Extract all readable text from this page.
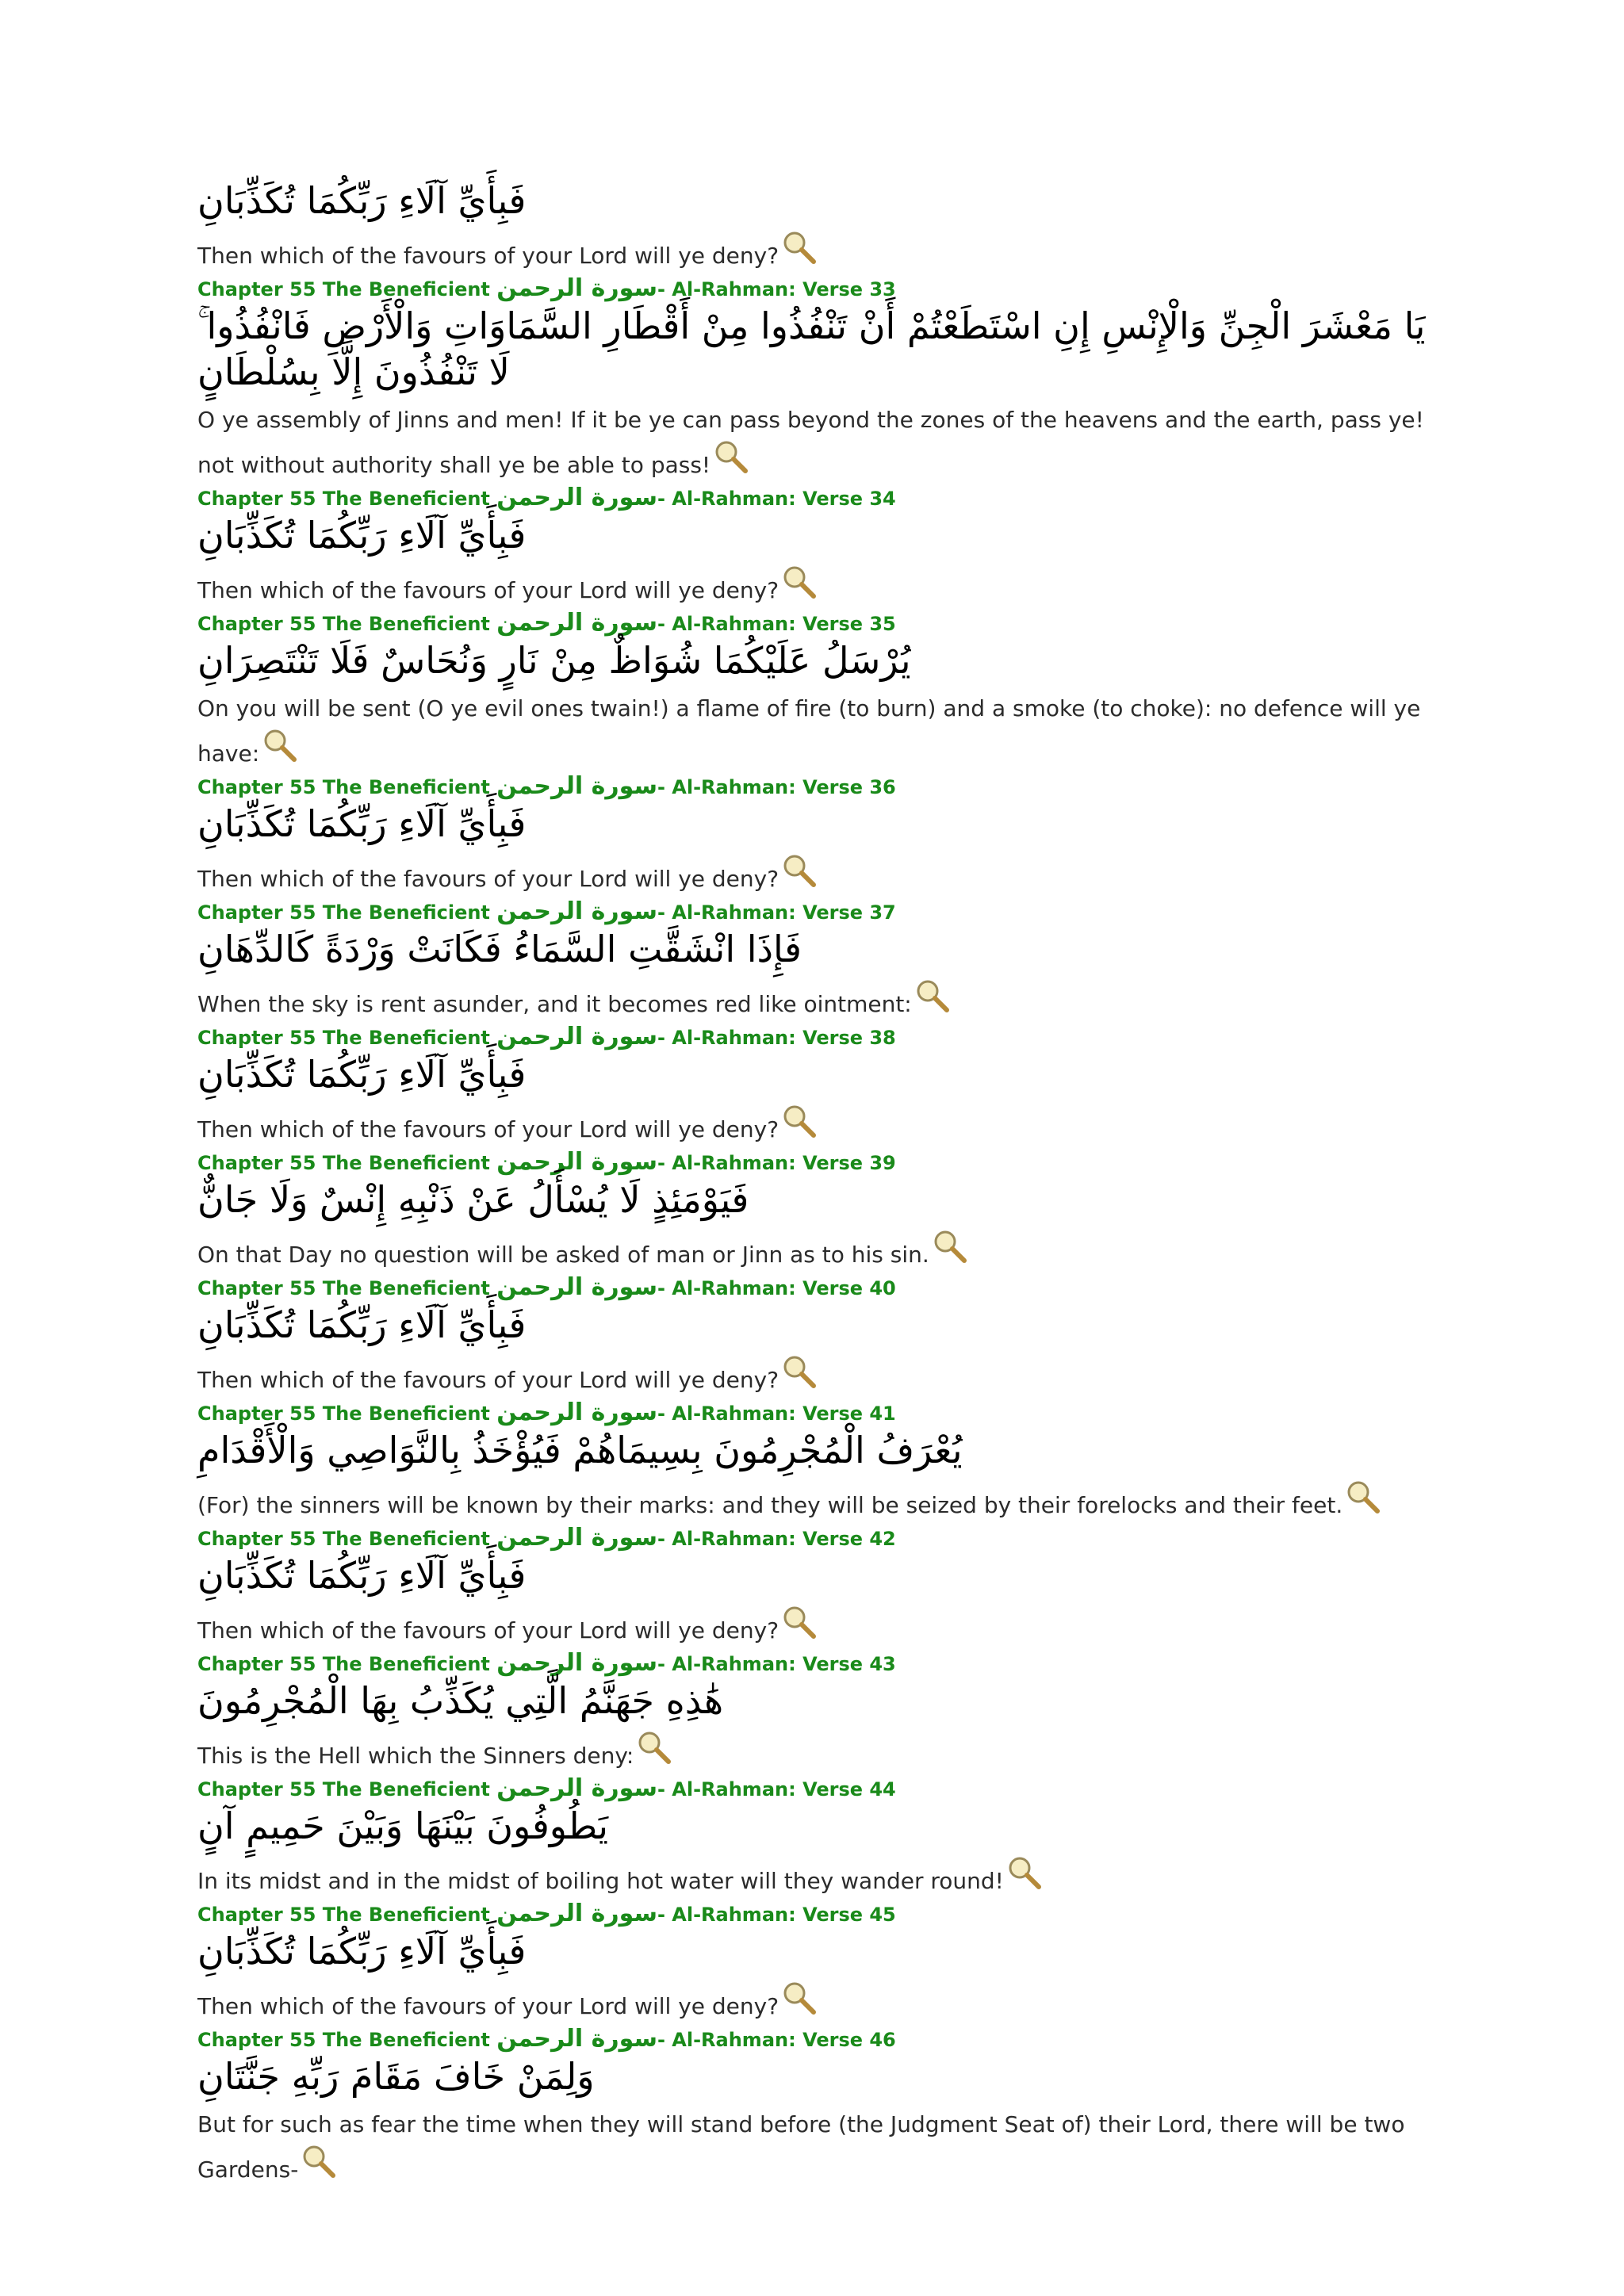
فَبِأَيِّ آلَاءِ رَبِّكُمَا تُكَذِّبَانِ

Then which of the favours of your Lord will ye deny?

Chapter 55 The Beneficient سورة الرحمن- Al-Rahman: Verse 33

يَا مَعْشَرَ الْجِنِّ وَالْإِنْسِ إِنِ اسْتَطَعْتُمْ أَنْ تَنْفُذُوا مِنْ أَقْطَارِ السَّمَاوَاتِ وَالْأَرْضِ فَانْفُذُوا ۚ لَا تَنْفُذُونَ إِلَّا بِسُلْطَانٍ

O ye assembly of Jinns and men! If it be ye can pass beyond the zones of the heavens and the earth, pass ye! not without authority shall ye be able to pass!

Chapter 55 The Beneficient سورة الرحمن- Al-Rahman: Verse 34

فَبِأَيِّ آلَاءِ رَبِّكُمَا تُكَذِّبَانِ

Then which of the favours of your Lord will ye deny?

Chapter 55 The Beneficient سورة الرحمن- Al-Rahman: Verse 35

يُرْسَلُ عَلَيْكُمَا شُوَاظٌ مِنْ نَارٍ وَنُحَاسٌ فَلَا تَنْتَصِرَانِ

On you will be sent (O ye evil ones twain!) a flame of fire (to burn) and a smoke (to choke): no defence will ye have:

Chapter 55 The Beneficient سورة الرحمن- Al-Rahman: Verse 36

فَبِأَيِّ آلَاءِ رَبِّكُمَا تُكَذِّبَانِ

Then which of the favours of your Lord will ye deny?

Chapter 55 The Beneficient سورة الرحمن- Al-Rahman: Verse 37

فَإِذَا انْشَقَّتِ السَّمَاءُ فَكَانَتْ وَرْدَةً كَالدِّهَانِ

When the sky is rent asunder, and it becomes red like ointment:

Chapter 55 The Beneficient سورة الرحمن- Al-Rahman: Verse 38

فَبِأَيِّ آلَاءِ رَبِّكُمَا تُكَذِّبَانِ

Then which of the favours of your Lord will ye deny?

Chapter 55 The Beneficient سورة الرحمن- Al-Rahman: Verse 39

فَيَوْمَئِذٍ لَا يُسْأَلُ عَنْ ذَنْبِهِ إِنْسٌ وَلَا جَانٌّ

On that Day no question will be asked of man or Jinn as to his sin.

Chapter 55 The Beneficient سورة الرحمن- Al-Rahman: Verse 40

فَبِأَيِّ آلَاءِ رَبِّكُمَا تُكَذِّبَانِ

Then which of the favours of your Lord will ye deny?

Chapter 55 The Beneficient سورة الرحمن- Al-Rahman: Verse 41

يُعْرَفُ الْمُجْرِمُونَ بِسِيمَاهُمْ فَيُؤْخَذُ بِالنَّوَاصِي وَالْأَقْدَامِ

(For) the sinners will be known by their marks: and they will be seized by their forelocks and their feet.

Chapter 55 The Beneficient سورة الرحمن- Al-Rahman: Verse 42

فَبِأَيِّ آلَاءِ رَبِّكُمَا تُكَذِّبَانِ

Then which of the favours of your Lord will ye deny?

Chapter 55 The Beneficient سورة الرحمن- Al-Rahman: Verse 43

هَٰذِهِ جَهَنَّمُ الَّتِي يُكَذِّبُ بِهَا الْمُجْرِمُونَ

This is the Hell which the Sinners deny:

Chapter 55 The Beneficient سورة الرحمن- Al-Rahman: Verse 44

يَطُوفُونَ بَيْنَهَا وَبَيْنَ حَمِيمٍ آنٍ

In its midst and in the midst of boiling hot water will they wander round!

Chapter 55 The Beneficient سورة الرحمن- Al-Rahman: Verse 45

فَبِأَيِّ آلَاءِ رَبِّكُمَا تُكَذِّبَانِ

Then which of the favours of your Lord will ye deny?

Chapter 55 The Beneficient سورة الرحمن- Al-Rahman: Verse 46

وَلِمَنْ خَافَ مَقَامَ رَبِّهِ جَنَّتَانِ

But for such as fear the time when they will stand before (the Judgment Seat of) their Lord, there will be two Gardens-
